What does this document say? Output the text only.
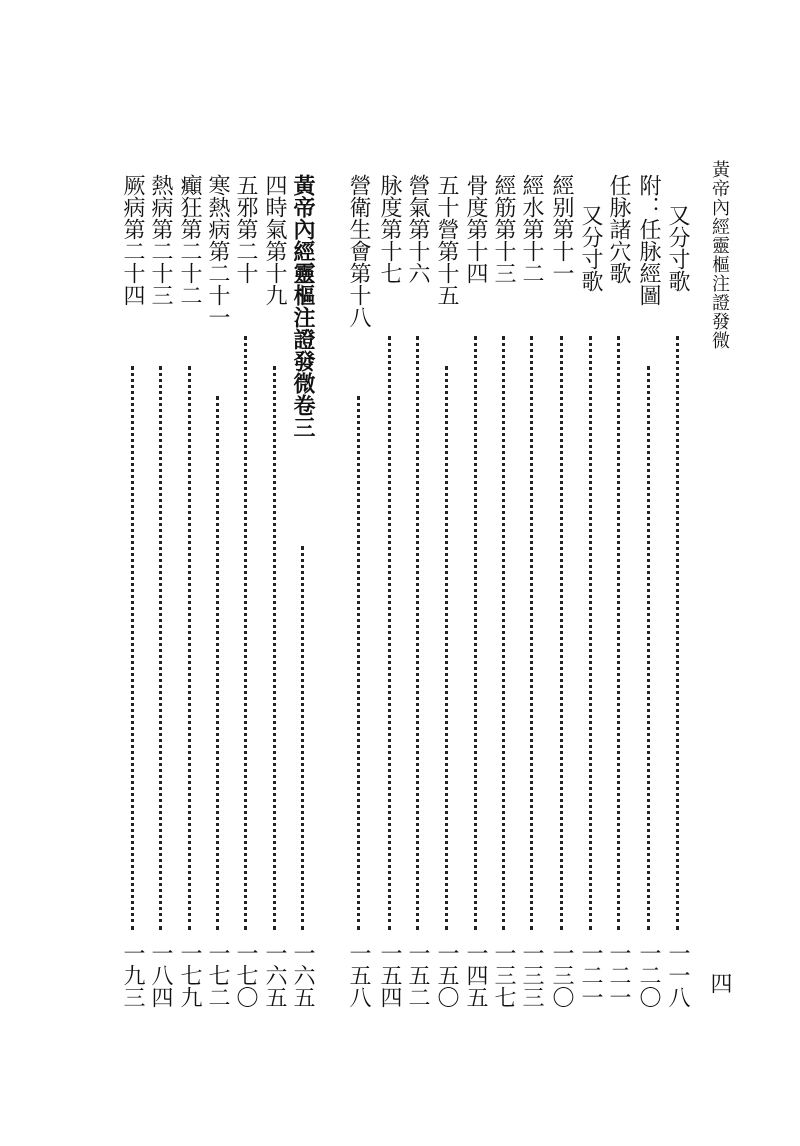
黃帝內經靈樞注證發微
四
又分寸歌
一一八
附：任脉經圖
一二〇
任脉諸穴歌
一二一
又分寸歌
一二一
經别第十一
一三〇
經水第十二
一三三
經筋第十三
一三七
骨度第十四
一四五
五十營第十五
一五〇
營氣第十六
一五二
脉度第十七
一五四
營衛生會第十八
一五八
黃帝內經靈樞注證發微卷三
一六五
四時氣第十九
一六五
五邪第二十
一七〇
寒熱病第二十一
一七二
癲狂第二十二
一七九
熱病第二十三
一八四
厥病第二十四
一九三
